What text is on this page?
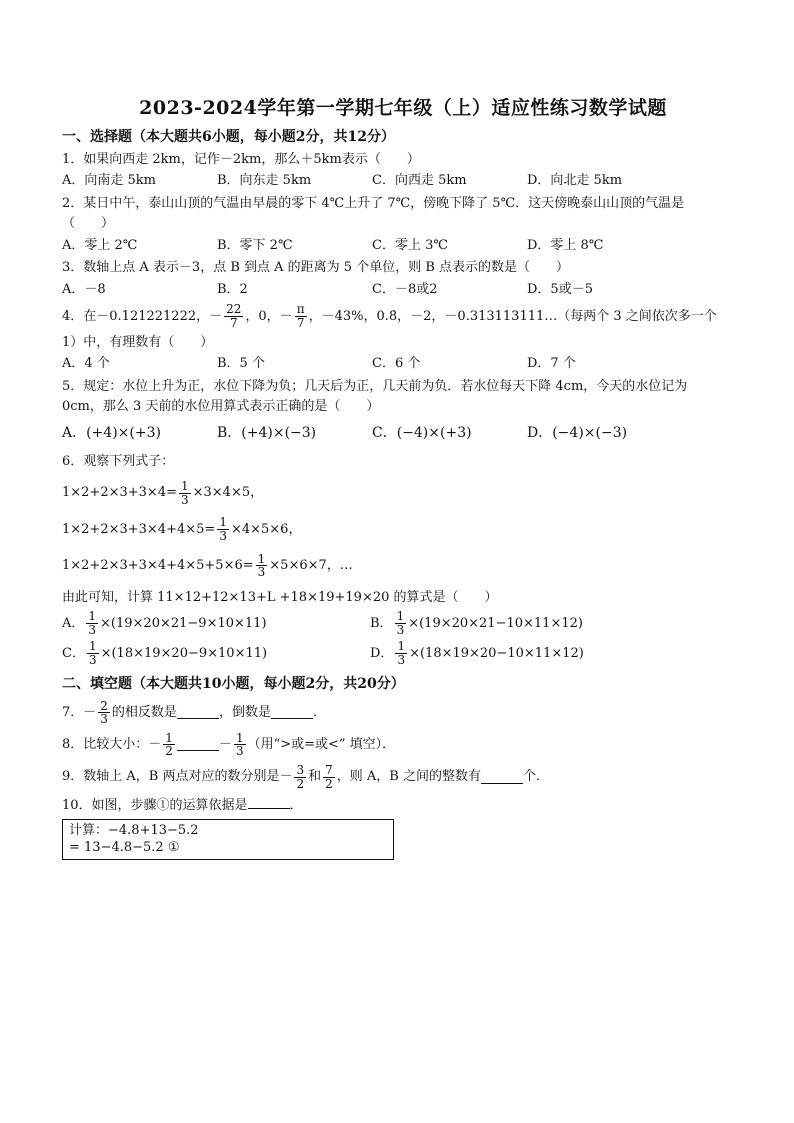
2023-2024学年第一学期七年级（上）适应性练习数学试题
一、选择题（本大题共6小题，每小题2分，共12分）
1．如果向西走 2km，记作－2km，那么＋5km表示（　　）
A．向南走 5km	B．向东走 5km	C．向西走 5km	D．向北走 5km
2．某日中午，泰山山顶的气温由早晨的零下 4℃上升了 7℃，傍晚下降了 5℃．这天傍晚泰山山顶的气温是
（　　）
A．零上 2℃	B．零下 2℃	C．零上 3℃	D．零上 8℃
3．数轴上点 A 表示－3，点 B 到点 A 的距离为 5 个单位，则 B 点表示的数是（　　）
A．－8	B．2	C．－8或2	D．5或－5
4．在－0.121221222，－ $\frac{22}{7}$ ，0，－ $\frac{\pi}{7}$ ，－43%，0.8̇，－2，－0.313113111…（每两个 3 之间依次多一个
1）中，有理数有（　　）
A．4 个	B．5 个	C．6 个	D．7 个
5．规定：水位上升为正，水位下降为负；几天后为正，几天前为负．若水位每天下降 4cm，今天的水位记为
0cm，那么 3 天前的水位用算式表示正确的是（　　）
A．(+4)×(+3)	B．(+4)×(−3)	C．(−4)×(+3)	D．(−4)×(−3)
6．观察下列式子：
$1\times 2+2\times 3+3\times 4= \frac{1}{3} \times 3\times 4\times 5$，
$1\times 2+2\times 3+3\times 4+4\times 5= \frac{1}{3} \times 4\times 5\times 6$，
$1\times 2+2\times 3+3\times 4+4\times 5+5\times 6= \frac{1}{3} \times 5\times 6\times 7$，…
由此可知，计算 11×12+12×13+L +18×19+19×20 的算式是（　　）
A． $\frac{1}{3} \times(19\times 20\times 21-9\times 10\times 11)$	B． $\frac{1}{3} \times(19\times 20\times 21-10\times 11\times 12)$
C． $\frac{1}{3} \times(18\times 19\times 20-9\times 10\times 11)$	D． $\frac{1}{3} \times(18\times 19\times 20-10\times 11\times 12)$
二、填空题（本大题共10小题，每小题2分，共20分）
7．－ $\frac{2}{3}$ 的相反数是	，倒数是	．
8．比较大小：－ $\frac{1}{2}$	－ $\frac{1}{3}$ （用“>或=或<” 填空）．
9．数轴上 A，B 两点对应的数分别是－ $\frac{3}{2}$ 和 $\frac{7}{2}$ ，则 A，B 之间的整数有	个．
10．如图，步骤①的运算依据是	．
计算：−4.8+13−5.2
= 13−4.8−5.2 ①
